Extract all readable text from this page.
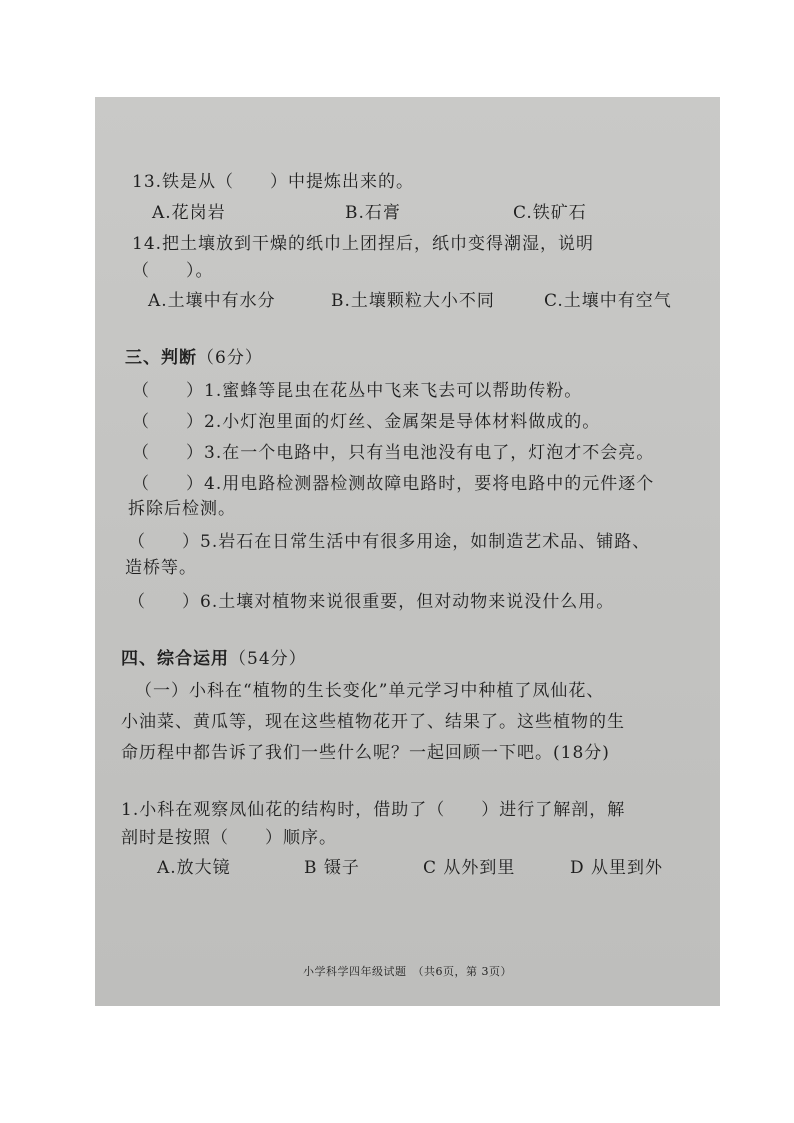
13.铁是从（　　）中提炼出来的。
A.花岗岩	B.石膏	C.铁矿石
14.把土壤放到干燥的纸巾上团捏后，纸巾变得潮湿，说明
（　　）。
A.土壤中有水分	B.土壤颗粒大小不同	C.土壤中有空气
三、判断（6分）
（　　）1.蜜蜂等昆虫在花丛中飞来飞去可以帮助传粉。
（　　）2.小灯泡里面的灯丝、金属架是导体材料做成的。
（　　）3.在一个电路中，只有当电池没有电了，灯泡才不会亮。
（　　）4.用电路检测器检测故障电路时，要将电路中的元件逐个
拆除后检测。
（　　）5.岩石在日常生活中有很多用途，如制造艺术品、铺路、
造桥等。
（　　）6.土壤对植物来说很重要，但对动物来说没什么用。
四、综合运用（54分）
（一）小科在“植物的生长变化”单元学习中种植了凤仙花、
小油菜、黄瓜等，现在这些植物花开了、结果了。这些植物的生
命历程中都告诉了我们一些什么呢？一起回顾一下吧。(18分)
1.小科在观察凤仙花的结构时，借助了（　　）进行了解剖，解
剖时是按照（　　）顺序。
A.放大镜	B 镊子	C 从外到里	D 从里到外
小学科学四年级试题　（共6页，第 3页）
